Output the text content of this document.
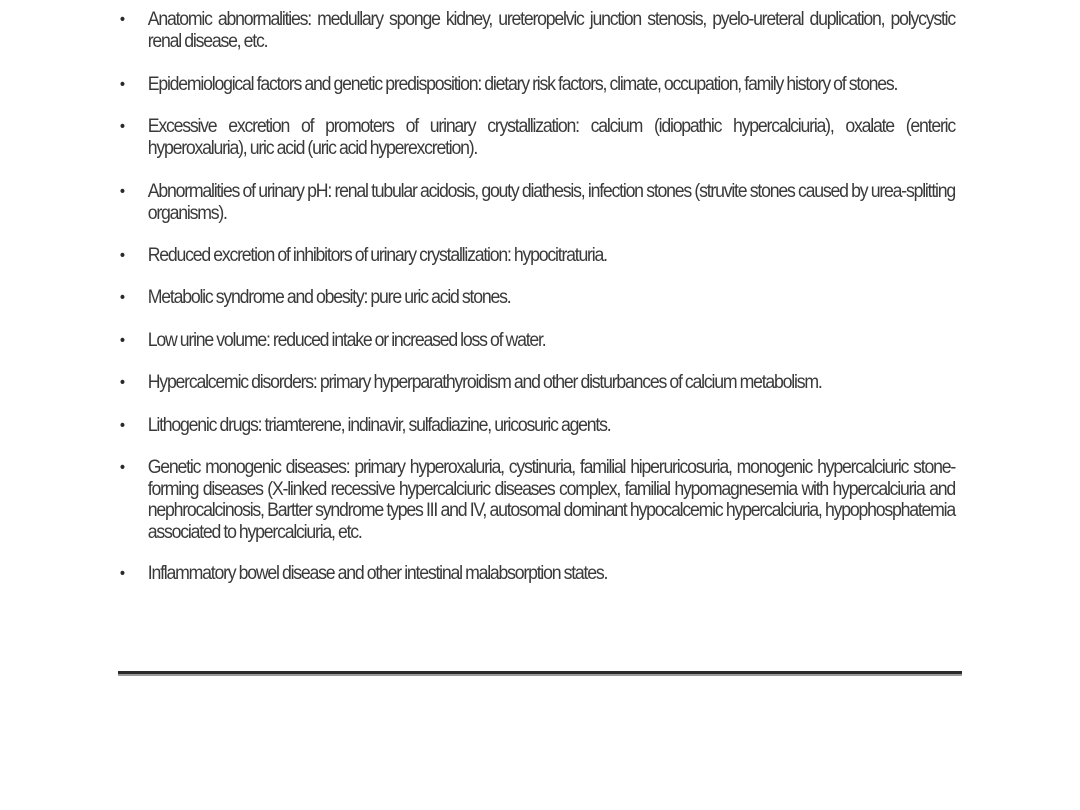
• Anatomic abnormalities: medullary sponge kidney, ureteropelvic junction stenosis, pyelo-ureteral duplication, polycystic renal disease, etc.
• Epidemiological factors and genetic predisposition: dietary risk factors, climate, occupation, family history of stones.
• Excessive excretion of promoters of urinary crystallization: calcium (idiopathic hypercalciuria), oxalate (enteric hyperoxaluria), uric acid (uric acid hyperexcretion).
• Abnormalities of urinary pH: renal tubular acidosis, gouty diathesis, infection stones (struvite stones caused by urea-splitting organisms).
• Reduced excretion of inhibitors of urinary crystallization: hypocitraturia.
• Metabolic syndrome and obesity: pure uric acid stones.
• Low urine volume: reduced intake or increased loss of water.
• Hypercalcemic disorders: primary hyperparathyroidism and other disturbances of calcium metabolism.
• Lithogenic drugs: triamterene, indinavir, sulfadiazine, uricosuric agents.
• Genetic monogenic diseases: primary hyperoxaluria, cystinuria, familial hiperuricosuria, monogenic hypercalciuric stone-forming diseases (X-linked recessive hypercalciuric diseases complex, familial hypomagnesemia with hypercalciuria and nephrocalcinosis, Bartter syndrome types III and IV, autosomal dominant hypocalcemic hypercalciuria, hypophosphatemia associated to hypercalciuria, etc.
• Inflammatory bowel disease and other intestinal malabsorption states.
